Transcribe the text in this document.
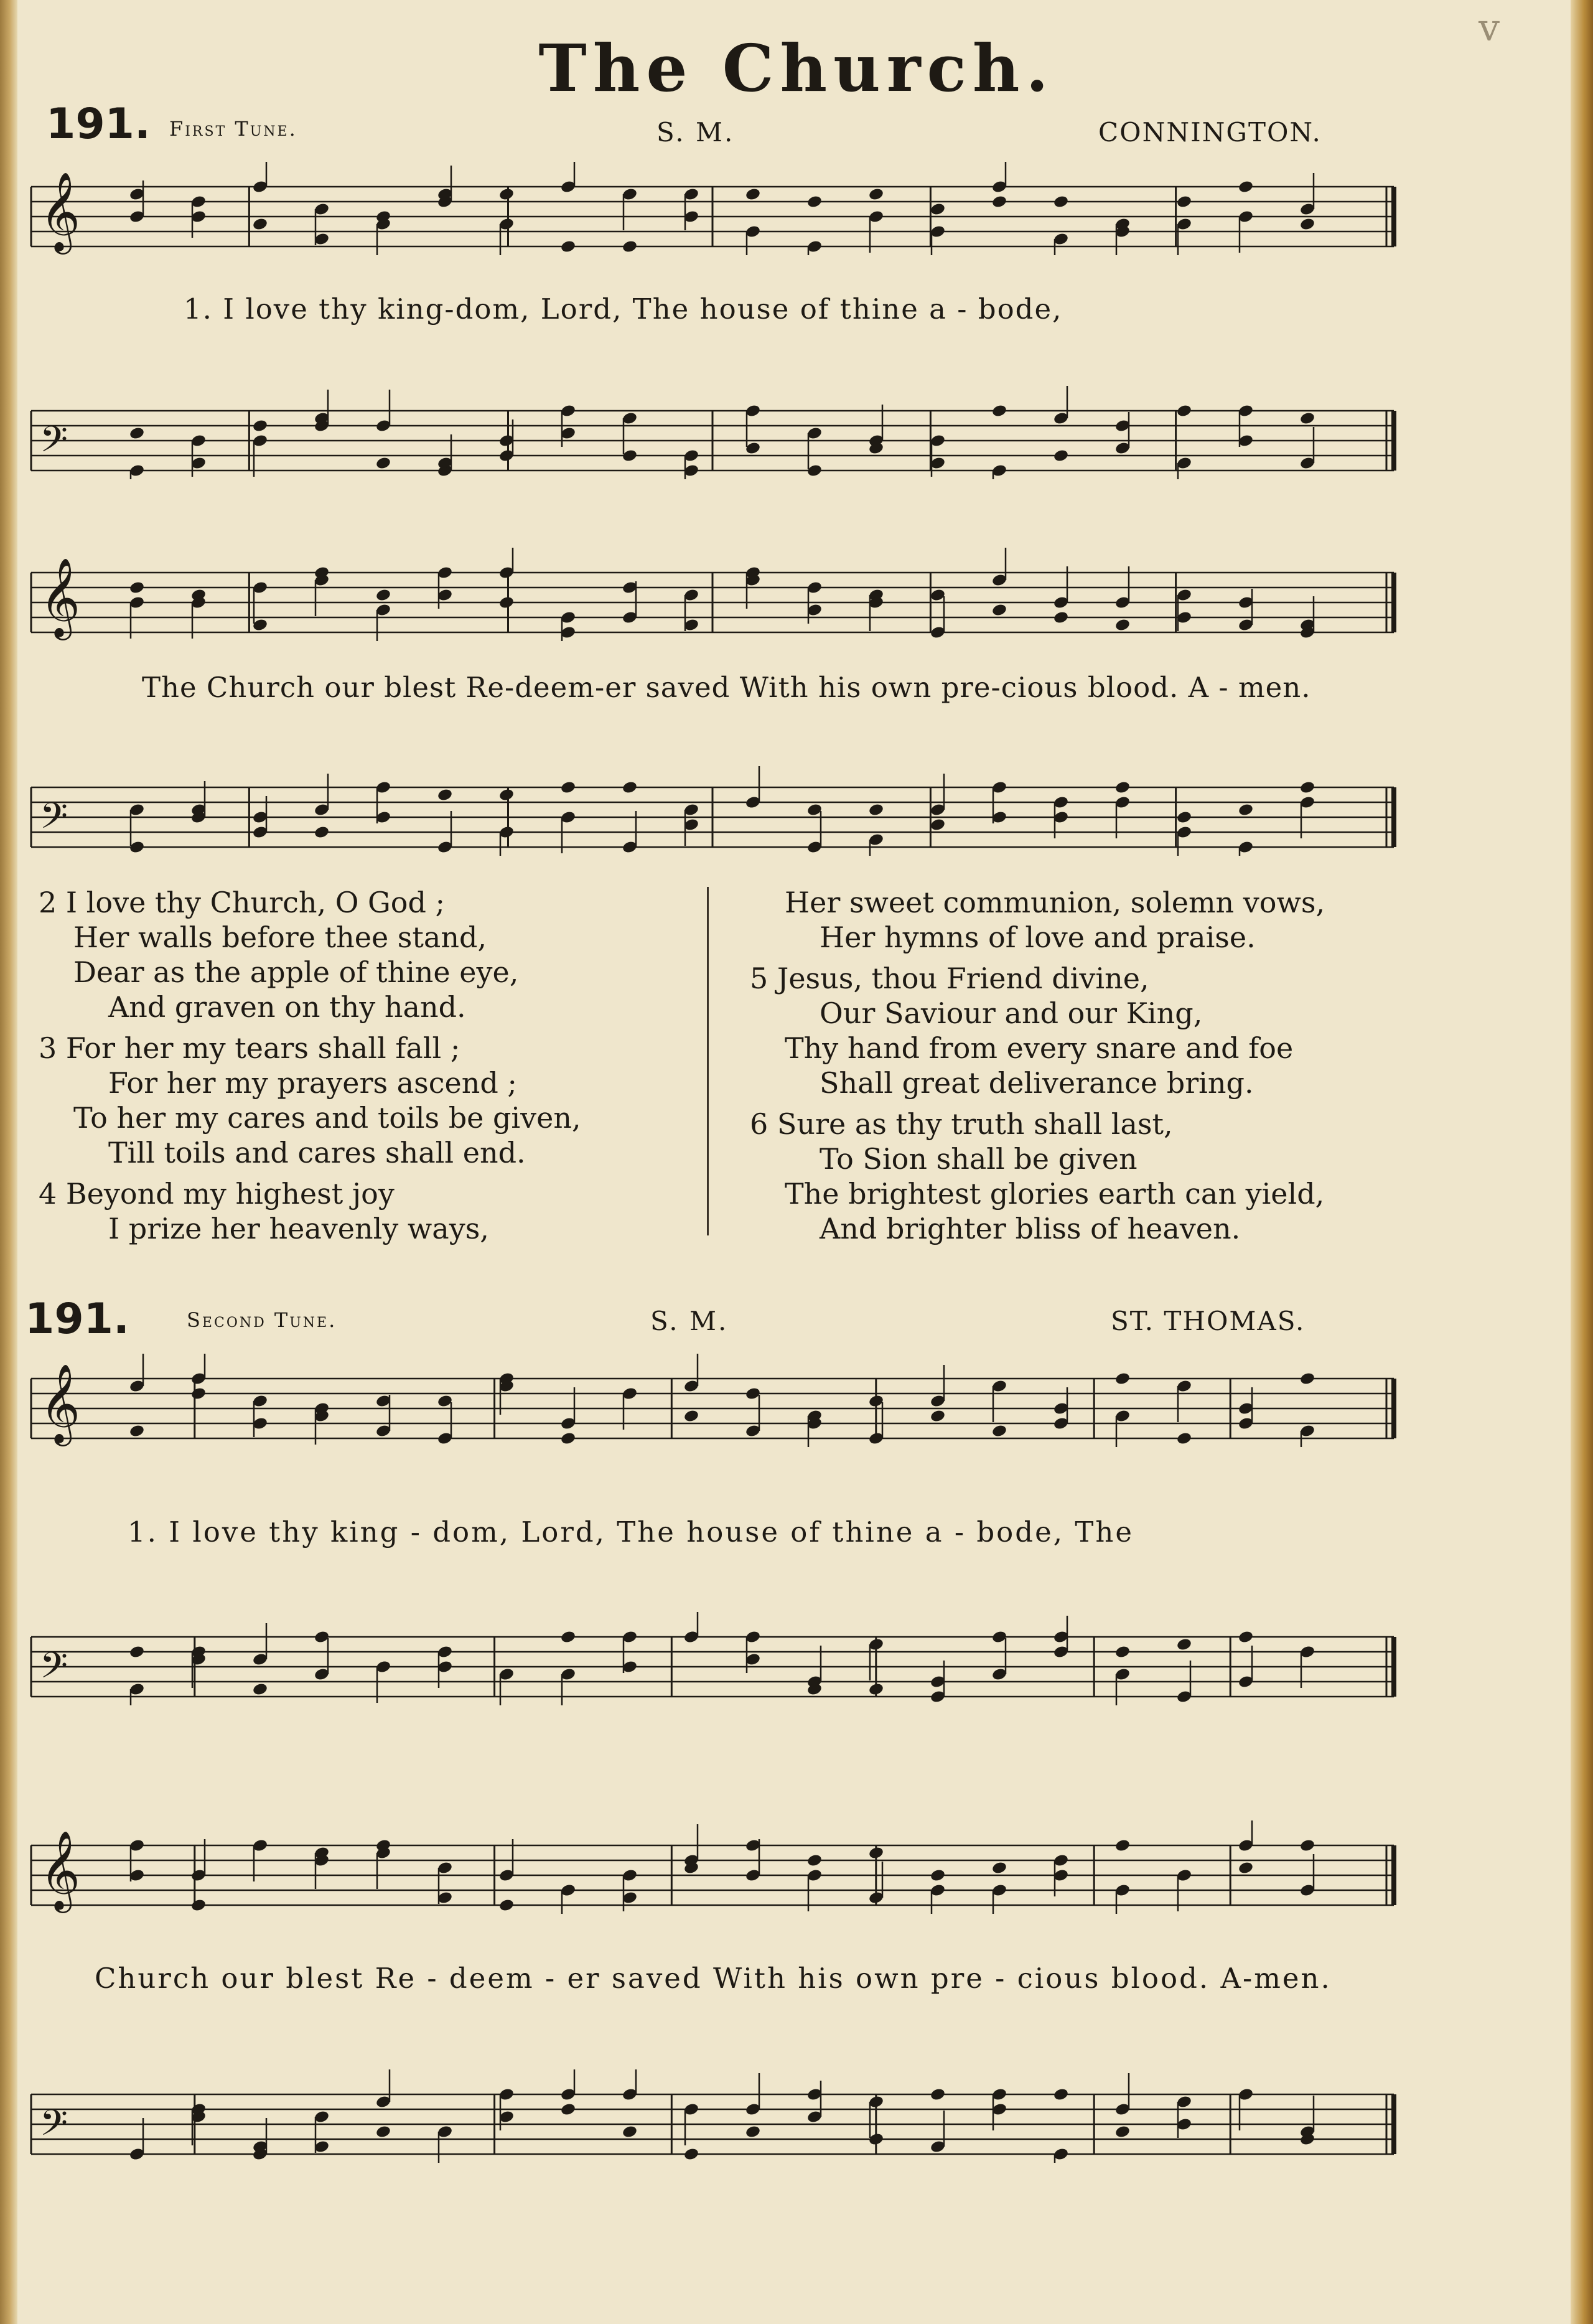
The Church.
v
191. First Tune.	S. M.	CONNINGTON.
𝄞
1. I love thy king-dom, Lord, The house of thine a - bode,
𝄢
𝄞
The Church our blest Re-deem-er saved With his own pre-cious blood. A - men.
𝄢
2 I love thy Church, O God ;
Her walls before thee stand,
Dear as the apple of thine eye,
And graven on thy hand.
3 For her my tears shall fall ;
For her my prayers ascend ;
To her my cares and toils be given,
Till toils and cares shall end.
4 Beyond my highest joy
I prize her heavenly ways,
Her sweet communion, solemn vows,
Her hymns of love and praise.
5 Jesus, thou Friend divine,
Our Saviour and our King,
Thy hand from every snare and foe
Shall great deliverance bring.
6 Sure as thy truth shall last,
To Sion shall be given
The brightest glories earth can yield,
And brighter bliss of heaven.
191.	Second Tune.	S. M.	ST. THOMAS.
𝄞
1. I love thy king - dom, Lord, The house of thine a - bode, The
𝄢
𝄞
Church our blest Re - deem - er saved With his own pre - cious blood. A-men.
𝄢
